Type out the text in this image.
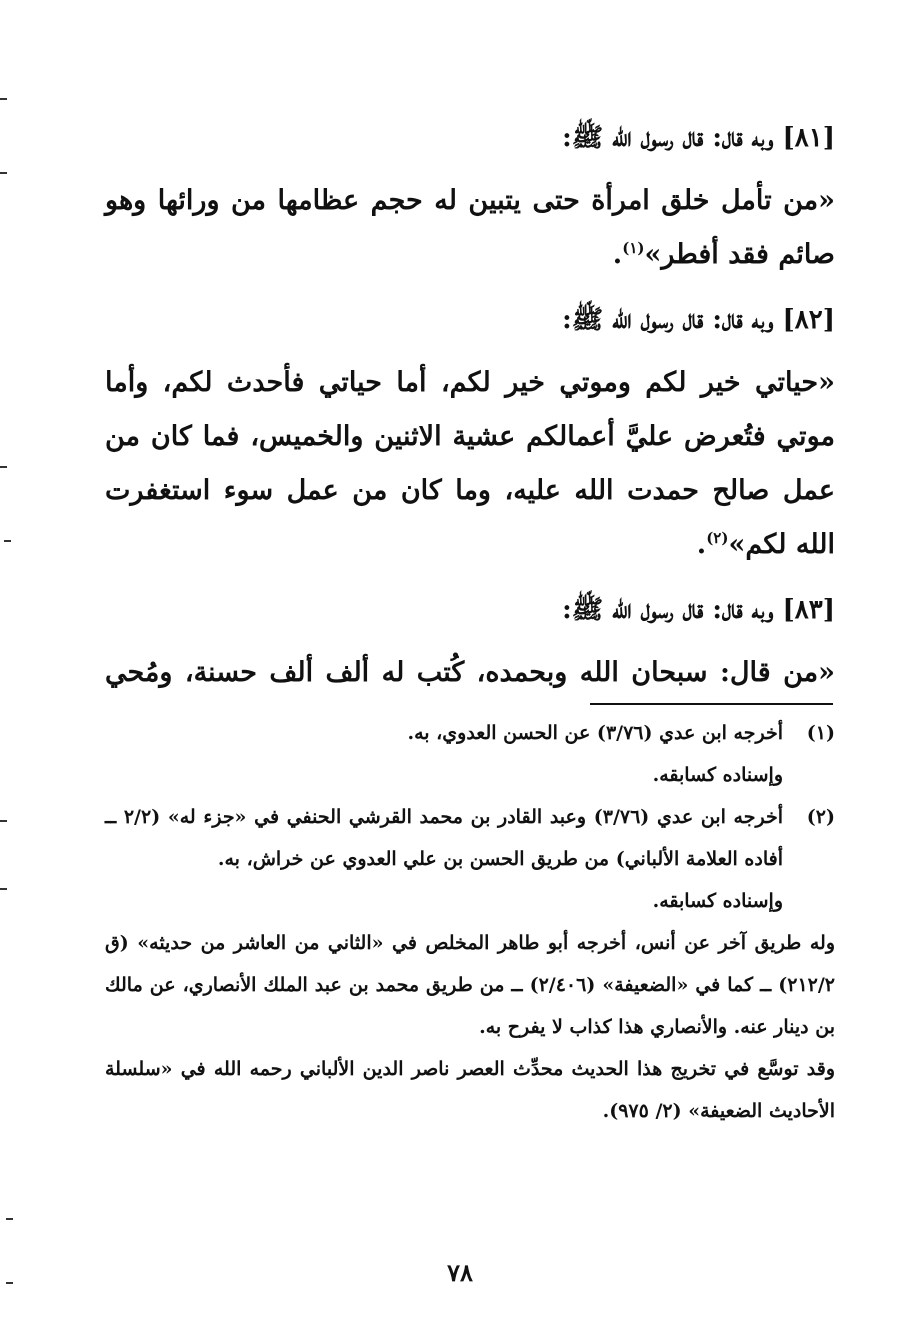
[٨١] وبه قال: قال رسول الله ﷺ:

«من تأمل خلق امرأة حتى يتبين له حجم عظامها من ورائها وهو صائم فقد أفطر»$^{(١)}$.

[٨٢] وبه قال: قال رسول الله ﷺ:

«حياتي خير لكم وموتي خير لكم، أما حياتي فأحدث لكم، وأما موتي فتُعرض عليَّ أعمالكم عشية الاثنين والخميس، فما كان من عمل صالح حمدت الله عليه، وما كان من عمل سوء استغفرت الله لكم»$^{(٢)}$.

[٨٣] وبه قال: قال رسول الله ﷺ:

«من قال: سبحان الله وبحمده، كُتب له ألف ألف حسنة، ومُحي

(١)
أخرجه ابن عدي (٣/٧٦) عن الحسن العدوي، به.
وإسناده كسابقه.
(٢)
أخرجه ابن عدي (٣/٧٦) وعبد القادر بن محمد القرشي الحنفي في «جزء له» (٢/٢ ــ أفاده العلامة الألباني) من طريق الحسن بن علي العدوي عن خراش، به.
وإسناده كسابقه.
وله طريق آخر عن أنس، أخرجه أبو طاهر المخلص في «الثاني من العاشر من حديثه» (ق ٢١٢/٢) ــ كما في «الضعيفة» (٢/٤٠٦) ــ من طريق محمد بن عبد الملك الأنصاري، عن مالك بن دينار عنه. والأنصاري هذا كذاب لا يفرح به.
وقد توسَّع في تخريج هذا الحديث محدِّث العصر ناصر الدين الألباني رحمه الله في «سلسلة الأحاديث الضعيفة» (٢/ ٩٧٥).
٧٨
